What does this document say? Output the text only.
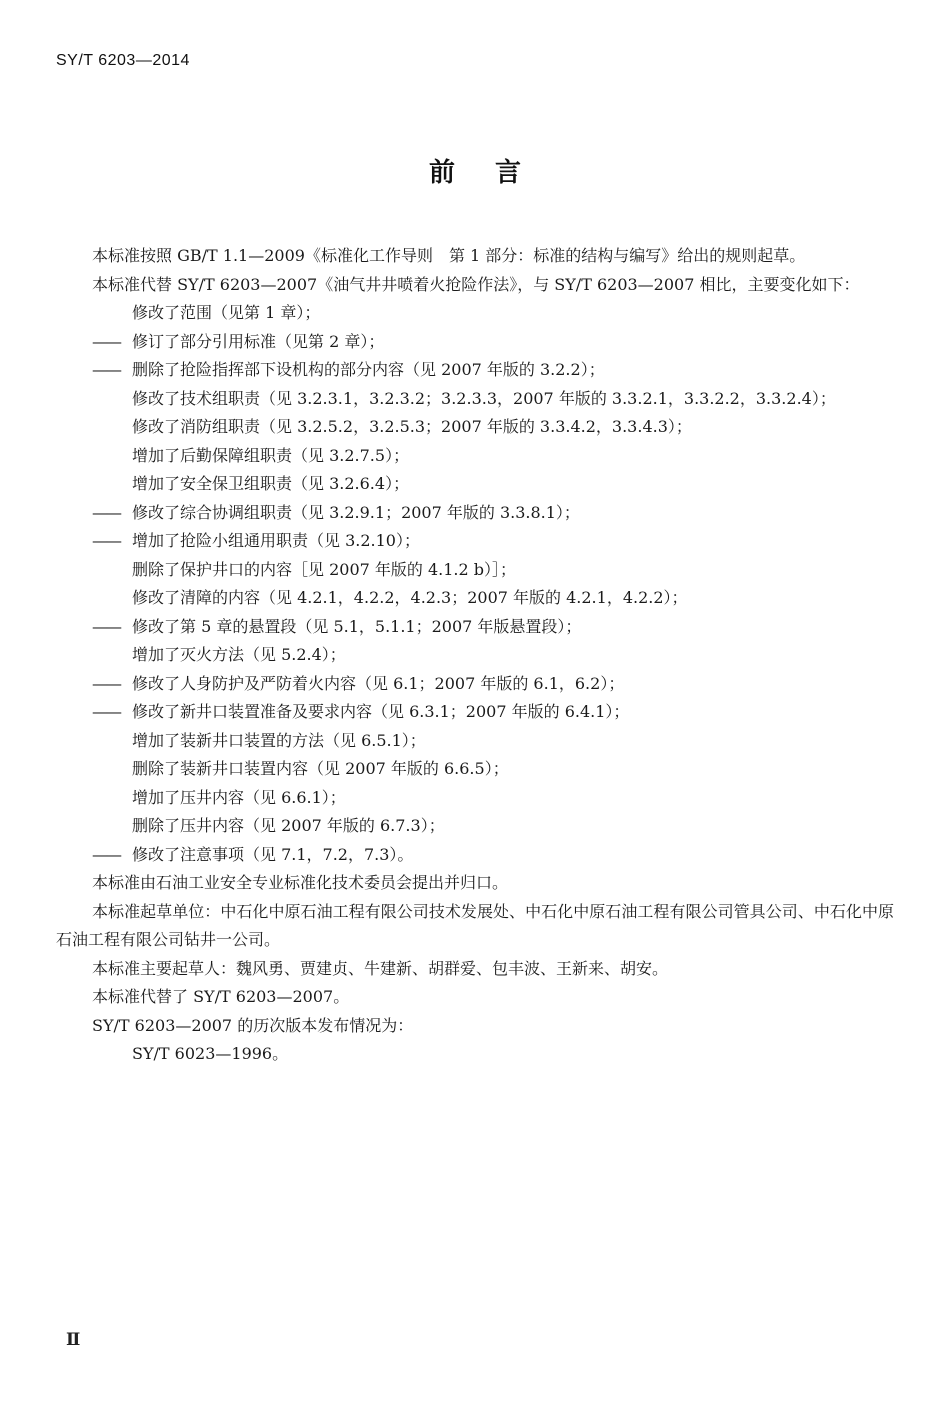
SY/T 6203—2014
前言

本标准按照 GB/T 1.1—2009《标准化工作导则　第 1 部分：标准的结构与编写》给出的规则起草。

本标准代替 SY/T 6203—2007《油气井井喷着火抢险作法》，与 SY/T 6203—2007 相比，主要变化如下：

修改了范围（见第 1 章）；
—— 修订了部分引用标准（见第 2 章）；
—— 删除了抢险指挥部下设机构的部分内容（见 2007 年版的 3.2.2）；
修改了技术组职责（见 3.2.3.1，3.2.3.2；3.2.3.3，2007 年版的 3.3.2.1，3.3.2.2，3.3.2.4）；
修改了消防组职责（见 3.2.5.2，3.2.5.3；2007 年版的 3.3.4.2，3.3.4.3）；
增加了后勤保障组职责（见 3.2.7.5）；
增加了安全保卫组职责（见 3.2.6.4）；
—— 修改了综合协调组职责（见 3.2.9.1；2007 年版的 3.3.8.1）；
—— 增加了抢险小组通用职责（见 3.2.10）；
删除了保护井口的内容［见 2007 年版的 4.1.2 b）］；
修改了清障的内容（见 4.2.1，4.2.2，4.2.3；2007 年版的 4.2.1，4.2.2）；
—— 修改了第 5 章的悬置段（见 5.1，5.1.1；2007 年版悬置段）；
增加了灭火方法（见 5.2.4）；
—— 修改了人身防护及严防着火内容（见 6.1；2007 年版的 6.1，6.2）；
—— 修改了新井口装置准备及要求内容（见 6.3.1；2007 年版的 6.4.1）；
增加了装新井口装置的方法（见 6.5.1）；
删除了装新井口装置内容（见 2007 年版的 6.6.5）；
增加了压井内容（见 6.6.1）；
删除了压井内容（见 2007 年版的 6.7.3）；
—— 修改了注意事项（见 7.1，7.2，7.3）。

本标准由石油工业安全专业标准化技术委员会提出并归口。

本标准起草单位：中石化中原石油工程有限公司技术发展处、中石化中原石油工程有限公司管具公司、中石化中原石油工程有限公司钻井一公司。

本标准主要起草人：魏风勇、贾建贞、牛建新、胡群爱、包丰波、王新来、胡安。

本标准代替了 SY/T 6203—2007。

SY/T 6203—2007 的历次版本发布情况为：

SY/T 6023—1996。

Ⅱ
